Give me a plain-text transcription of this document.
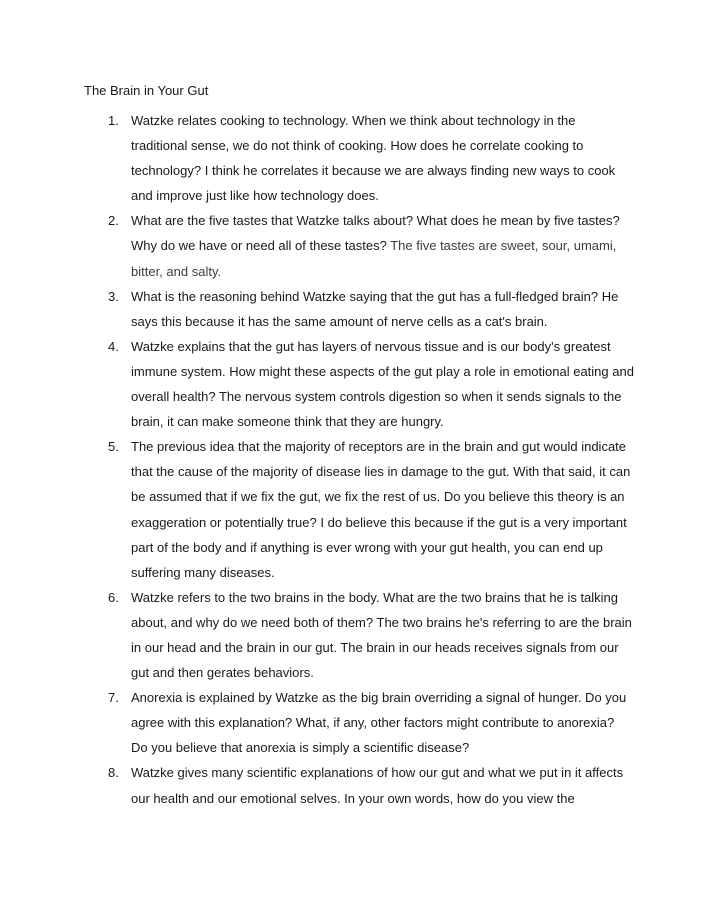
The Brain in Your Gut
1. Watzke relates cooking to technology. When we think about technology in the traditional sense, we do not think of cooking. How does he correlate cooking to technology? I think he correlates it because we are always finding new ways to cook and improve just like how technology does.
2. What are the five tastes that Watzke talks about? What does he mean by five tastes? Why do we have or need all of these tastes? The five tastes are sweet, sour, umami, bitter, and salty.
3. What is the reasoning behind Watzke saying that the gut has a full-fledged brain? He says this because it has the same amount of nerve cells as a cat's brain.
4. Watzke explains that the gut has layers of nervous tissue and is our body's greatest immune system. How might these aspects of the gut play a role in emotional eating and overall health? The nervous system controls digestion so when it sends signals to the brain, it can make someone think that they are hungry.
5. The previous idea that the majority of receptors are in the brain and gut would indicate that the cause of the majority of disease lies in damage to the gut. With that said, it can be assumed that if we fix the gut, we fix the rest of us. Do you believe this theory is an exaggeration or potentially true? I do believe this because if the gut is a very important part of the body and if anything is ever wrong with your gut health, you can end up suffering many diseases.
6. Watzke refers to the two brains in the body. What are the two brains that he is talking about, and why do we need both of them? The two brains he's referring to are the brain in our head and the brain in our gut. The brain in our heads receives signals from our gut and then gerates behaviors.
7. Anorexia is explained by Watzke as the big brain overriding a signal of hunger. Do you agree with this explanation? What, if any, other factors might contribute to anorexia? Do you believe that anorexia is simply a scientific disease?
8. Watzke gives many scientific explanations of how our gut and what we put in it affects our health and our emotional selves. In your own words, how do you view the
